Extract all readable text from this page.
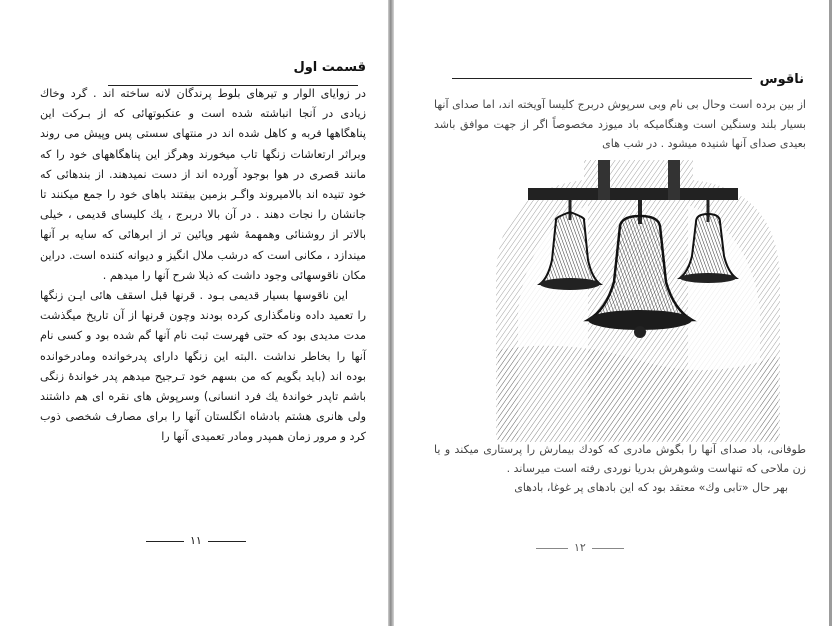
قسمت اول

در زوایای الوار و تیرهای بلوط پرندگان لانه ساخته اند . گرد وخاك زیادی در آنجا انباشته شده است و عنکبوتهائی که از بـرکت این پناهگاهها فربه و کاهل شده اند در منتهای سستی پس وپیش می روند وبراثر ارتعاشات زنگها تاب میخورند وهرگز این پناهگاههای خود را که مانند قصری در هوا بوجود آورده اند از دست نمیدهند. از بندهائی که خود تنیده اند بالامیروند واگـر بزمین بیفتند باهای خود را جمع میکنند تا جانشان را نجات دهند . در آن بالا دربرج ، یك کلیسای قدیمی ، خیلی بالاتر از روشنائی وهمهمهٔ شهر وپائین تر از ابرهائی که سایه بر آنها میندازد ، مکانی است که درشب ملال انگیز و دیوانه کننده است. دراین مکان ناقوسهائی وجود داشت که ذیلا شرح آنها را میدهم .

این ناقوسها بسیار قدیمی بـود . قرنها قبل اسقف هائی ایـن زنگها را تعمید داده ونامگذاری کرده بودند وچون قرنها از آن تاریخ میگذشت مدت مدیدی بود که حتی فهرست ثبت نام آنها گم شده بود و کسی نام آنها را بخاطر نداشت .البته این زنگها دارای پدرخوانده ومادرخوانده بوده اند (باید بگویم که من بسهم خود تـرجیح میدهم پدر خواندهٔ زنگی باشم تاپدر خواندهٔ یك فرد انسانی) وسرپوش های نقره ای هم داشتند ولی هانری هشتم بادشاه انگلستان آنها را برای مصارف شخصی ذوب کرد و مرور زمان همپدر ومادر تعمیدی آنها را

۱۱
ناقوس

از بین برده است وحال بی نام وبی سرپوش دربرج کلیسا آویخته اند، اما صدای آنها بسیار بلند وسنگین است وهنگامیکه باد میوزد مخصوصاً اگر از جهت موافق باشد بعیدی صدای آنها شنیده میشود . در شب های

طوفانی، باد صدای آنها را بگوش مادری که کودك بیمارش را پرستاری میکند و یا زن ملاحی که تنهاست وشوهرش بدریا نوردی رفته است میرساند .

بهر حال «تابی وك» معتقد بود که این بادهای پر غوغا، بادهای

۱۲
